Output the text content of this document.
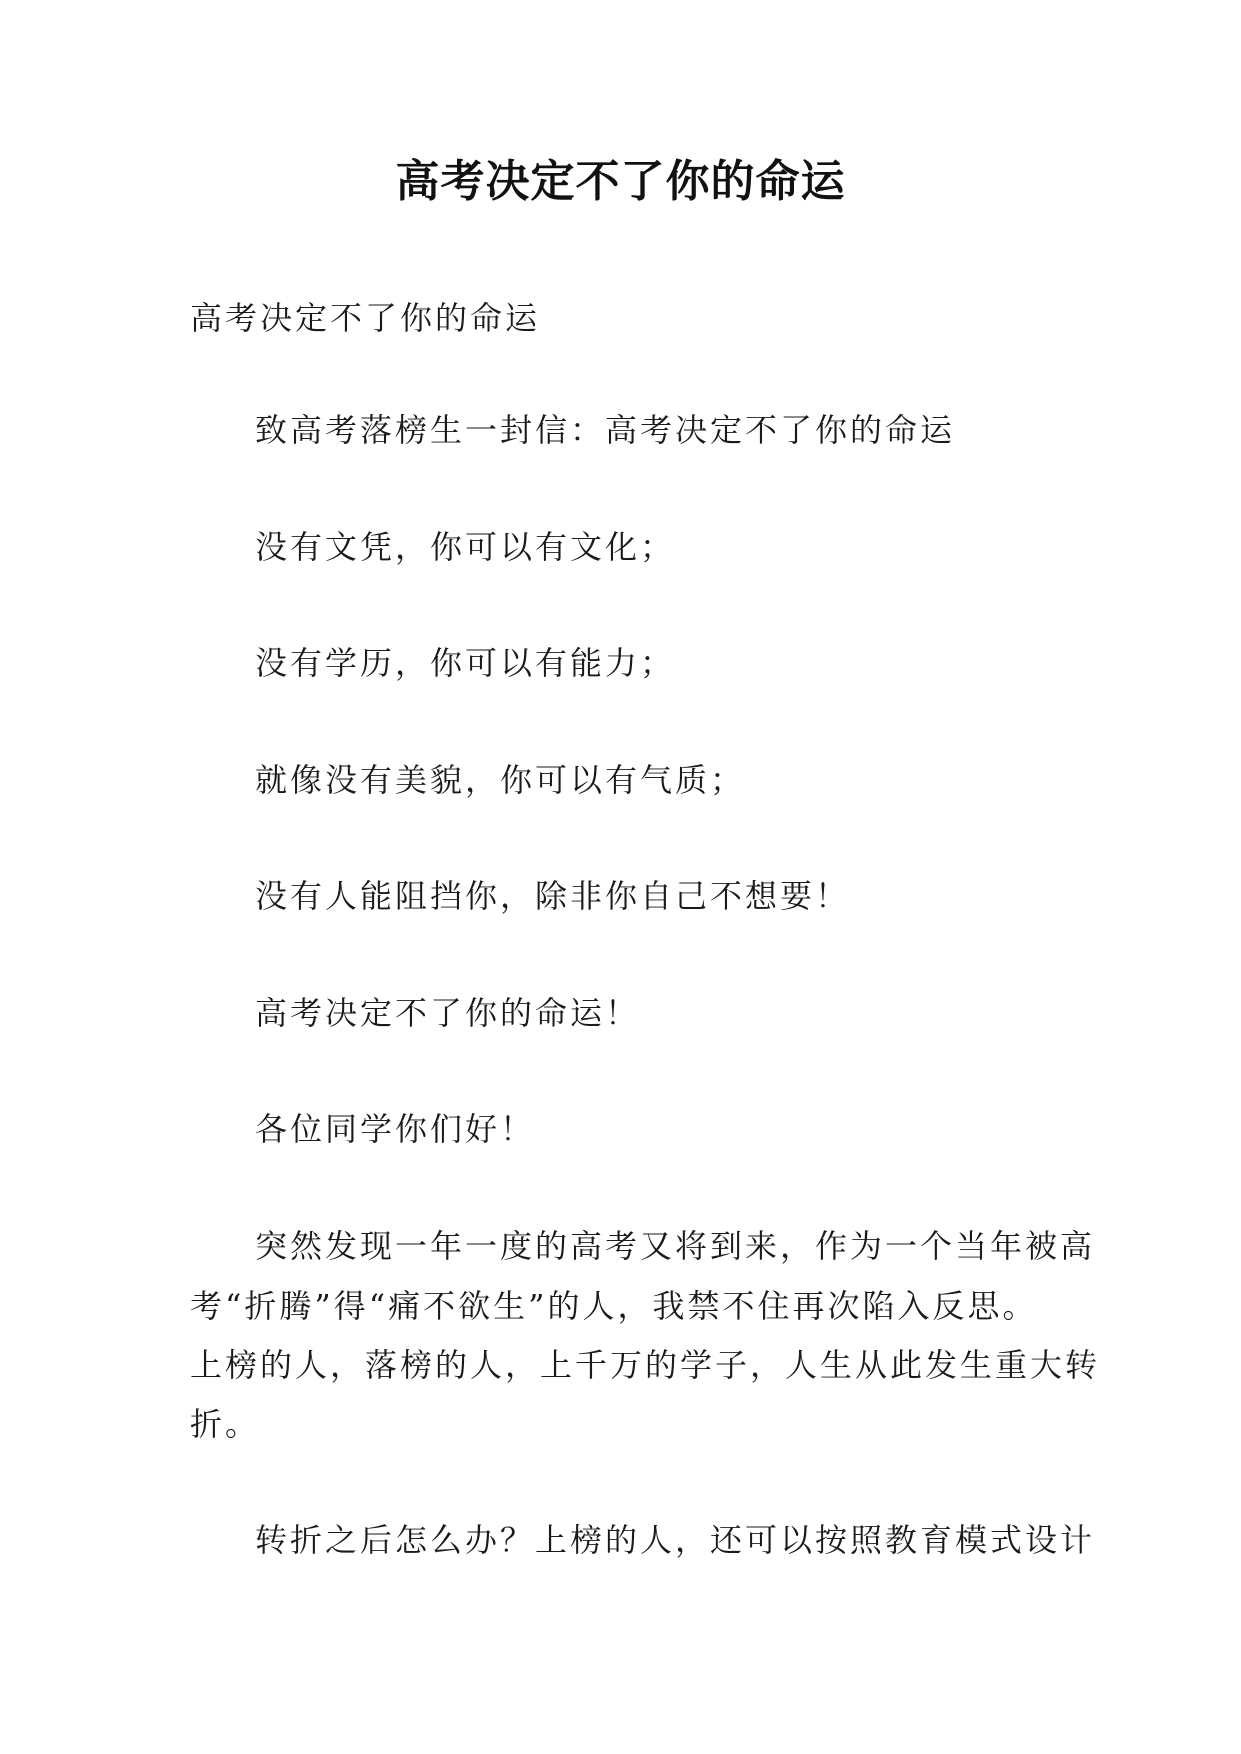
高考决定不了你的命运
高考决定不了你的命运
致高考落榜生一封信：高考决定不了你的命运
没有文凭，你可以有文化；
没有学历，你可以有能力；
就像没有美貌，你可以有气质；
没有人能阻挡你，除非你自己不想要！
高考决定不了你的命运！
各位同学你们好！
突然发现一年一度的高考又将到来，作为一个当年被高
考“折腾”得“痛不欲生”的人，我禁不住再次陷入反思。
上榜的人，落榜的人，上千万的学子，人生从此发生重大转
折。
转折之后怎么办？上榜的人，还可以按照教育模式设计
